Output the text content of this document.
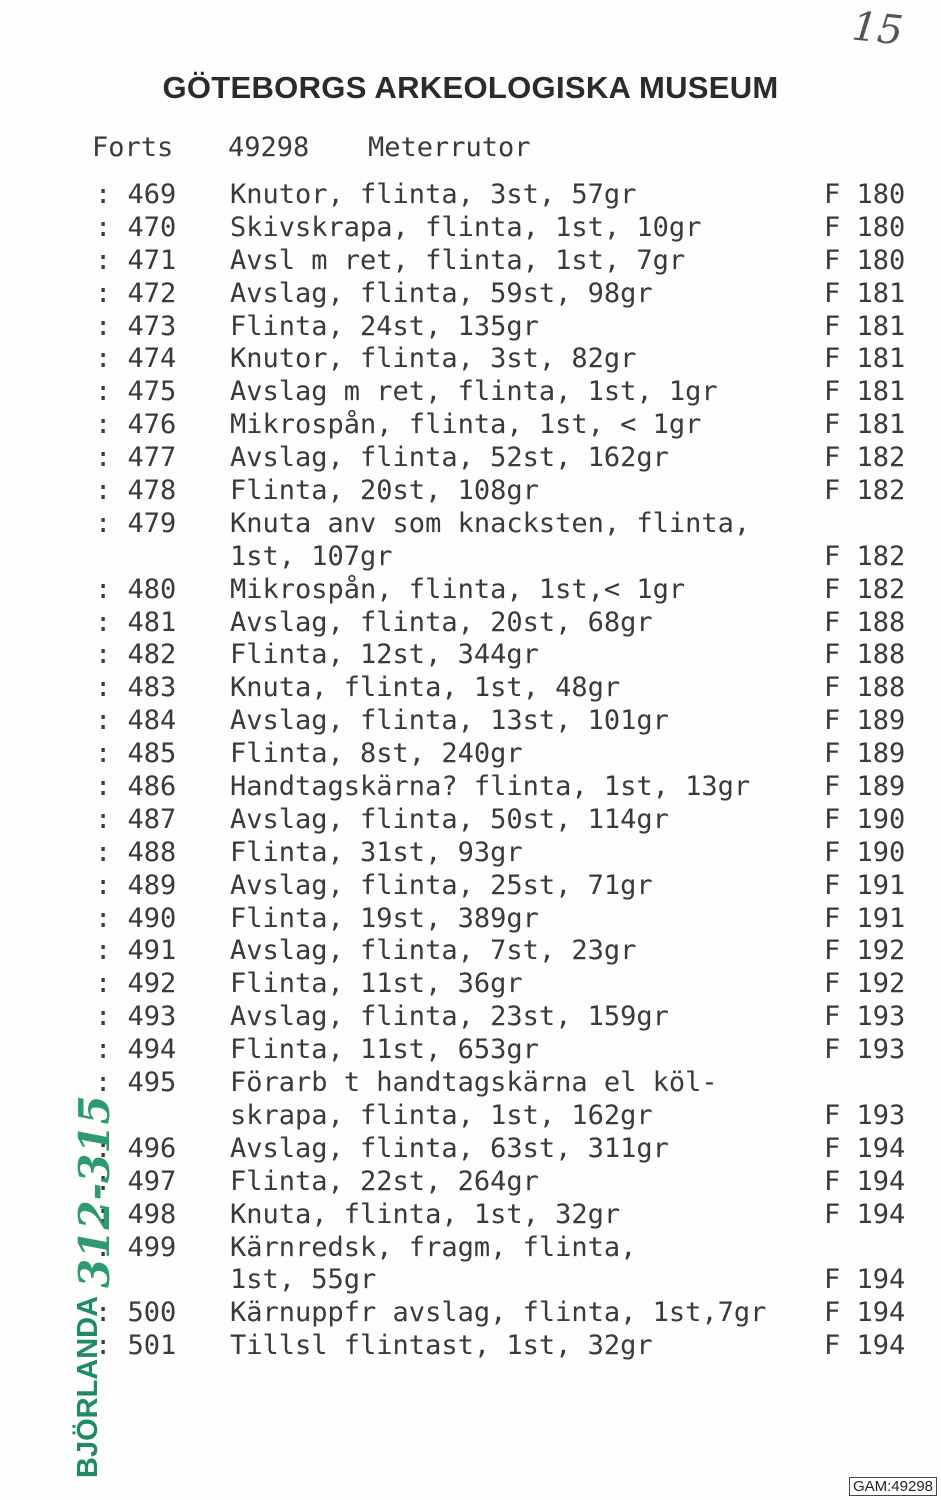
15
GÖTEBORGS ARKEOLOGISKA MUSEUM
Forts 49298 Meterrutor
: 469 Knutor, flinta, 3st, 57gr	F 180
: 470 Skivskrapa, flinta, 1st, 10gr	F 180
: 471 Avsl m ret, flinta, 1st, 7gr	F 180
: 472 Avslag, flinta, 59st, 98gr	F 181
: 473 Flinta, 24st, 135gr	F 181
: 474 Knutor, flinta, 3st, 82gr	F 181
: 475 Avslag m ret, flinta, 1st, 1gr	F 181
: 476 Mikrospån, flinta, 1st, < 1gr	F 181
: 477 Avslag, flinta, 52st, 162gr	F 182
: 478 Flinta, 20st, 108gr	F 182
: 479 Knuta anv som knacksten, flinta,
1st, 107gr	F 182
: 480 Mikrospån, flinta, 1st,< 1gr	F 182
: 481 Avslag, flinta, 20st, 68gr	F 188
: 482 Flinta, 12st, 344gr	F 188
: 483 Knuta, flinta, 1st, 48gr	F 188
: 484 Avslag, flinta, 13st, 101gr	F 189
: 485 Flinta, 8st, 240gr	F 189
: 486 Handtagskärna? flinta, 1st, 13gr	F 189
: 487 Avslag, flinta, 50st, 114gr	F 190
: 488 Flinta, 31st, 93gr	F 190
: 489 Avslag, flinta, 25st, 71gr	F 191
: 490 Flinta, 19st, 389gr	F 191
: 491 Avslag, flinta, 7st, 23gr	F 192
: 492 Flinta, 11st, 36gr	F 192
: 493 Avslag, flinta, 23st, 159gr	F 193
: 494 Flinta, 11st, 653gr	F 193
: 495 Förarb t handtagskärna el köl-
skrapa, flinta, 1st, 162gr	F 193
: 496 Avslag, flinta, 63st, 311gr	F 194
: 497 Flinta, 22st, 264gr	F 194
: 498 Knuta, flinta, 1st, 32gr	F 194
: 499 Kärnredsk, fragm, flinta,
1st, 55gr	F 194
: 500 Kärnuppfr avslag, flinta, 1st,7gr F 194
: 501 Tillsl flintast, 1st, 32gr	F 194
BJÖRLANDA
312-315
GAM:49298
